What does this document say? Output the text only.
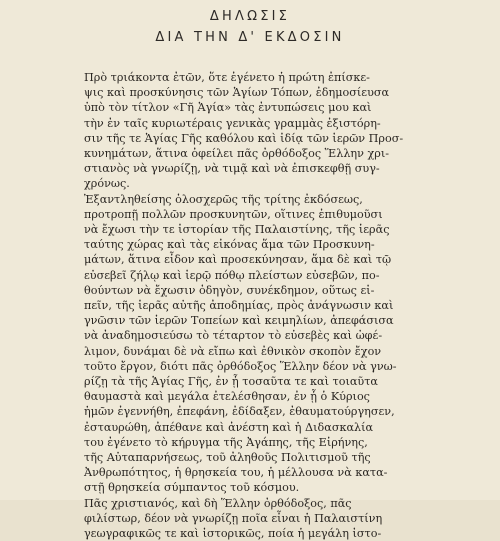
ΔΗΛΩΣΙΣ
ΔΙΑ ΤΗΝ Δ' ΕΚΔΟΣΙΝ

Πρὸ τριάκοντα ἐτῶν, ὅτε ἐγένετο ἡ πρώτη ἐπίσκε-
ψις καὶ προσκύνησις τῶν Ἁγίων Τόπων, ἐδημοσίευσα
ὑπὸ τὸν τίτλον «Γῆ Ἁγία» τὰς ἐντυπώσεις μου καὶ
τὴν ἐν ταῖς κυριωτέραις γενικὰς γραμμὰς ἐξιστόρη-
σιν τῆς τε Ἁγίας Γῆς καθόλου καὶ ἰδίᾳ τῶν ἱερῶν Προσ-
κυνημάτων, ἅτινα ὀφείλει πᾶς ὀρθόδοξος Ἕλλην χρι-
στιανὸς νὰ γνωρίζῃ, νὰ τιμᾷ καὶ νὰ ἐπισκεφθῇ συγ-
χρόνως.

Ἐξαντληθείσης ὁλοσχερῶς τῆς τρίτης ἐκδόσεως,
προτροπῇ πολλῶν προσκυνητῶν, οἵτινες ἐπιθυμοῦσι
νὰ ἔχωσι τὴν τε ἱστορίαν τῆς Παλαιστίνης, τῆς ἱερᾶς
ταύτης χώρας καὶ τὰς εἰκόνας ἅμα τῶν Προσκυνη-
μάτων, ἅτινα εἶδον καὶ προσεκύνησαν, ἅμα δὲ καὶ τῷ
εὐσεβεῖ ζήλῳ καὶ ἱερῷ πόθῳ πλείστων εὐσεβῶν, πο-
θούντων νὰ ἔχωσιν ὁδηγὸν, συνέκδημον, οὕτως εἰ-
πεῖν, τῆς ἱερᾶς αὐτῆς ἀποδημίας, πρὸς ἀνάγνωσιν καὶ
γνῶσιν τῶν ἱερῶν Τοπείων καὶ κειμηλίων, ἀπεφάσισα
νὰ ἀναδημοσιεύσω τὸ τέταρτον τὸ εὐσεβὲς καὶ ὠφέ-
λιμον, δυνάμαι δὲ νὰ εἴπω καὶ ἐθνικὸν σκοπὸν ἔχον
τοῦτο ἔργον, διότι πᾶς ὀρθόδοξος Ἕλλην δέον νὰ γνω-
ρίζῃ τὰ τῆς Ἁγίας Γῆς, ἐν ᾗ τοσαῦτα τε καὶ τοιαῦτα
θαυμαστὰ καὶ μεγάλα ἐτελέσθησαν, ἐν ᾗ ὁ Κύριος
ἡμῶν ἐγεννήθη, ἐπεφάνη, ἐδίδαξεν, ἐθαυματούργησεν,
ἐσταυρώθη, ἀπέθανε καὶ ἀνέστη καὶ ἡ Διδασκαλία
του ἐγένετο τὸ κήρυγμα τῆς Ἀγάπης, τῆς Εἰρήνης,
τῆς Αὐταπαρνήσεως, τοῦ ἀληθοῦς Πολιτισμοῦ τῆς
Ἀνθρωπότητος, ἡ θρησκεία του, ἡ μέλλουσα νὰ κατα-
στῇ θρησκεία σύμπαντος τοῦ κόσμου.

Πᾶς χριστιανός, καὶ δὴ Ἕλλην ὀρθόδοξος, πᾶς
φιλίστωρ, δέον νὰ γνωρίζῃ ποῖα εἶναι ἡ Παλαιστίνη
γεωγραφικῶς τε καὶ ἱστορικῶς, ποία ἡ μεγάλη ἱστο-
